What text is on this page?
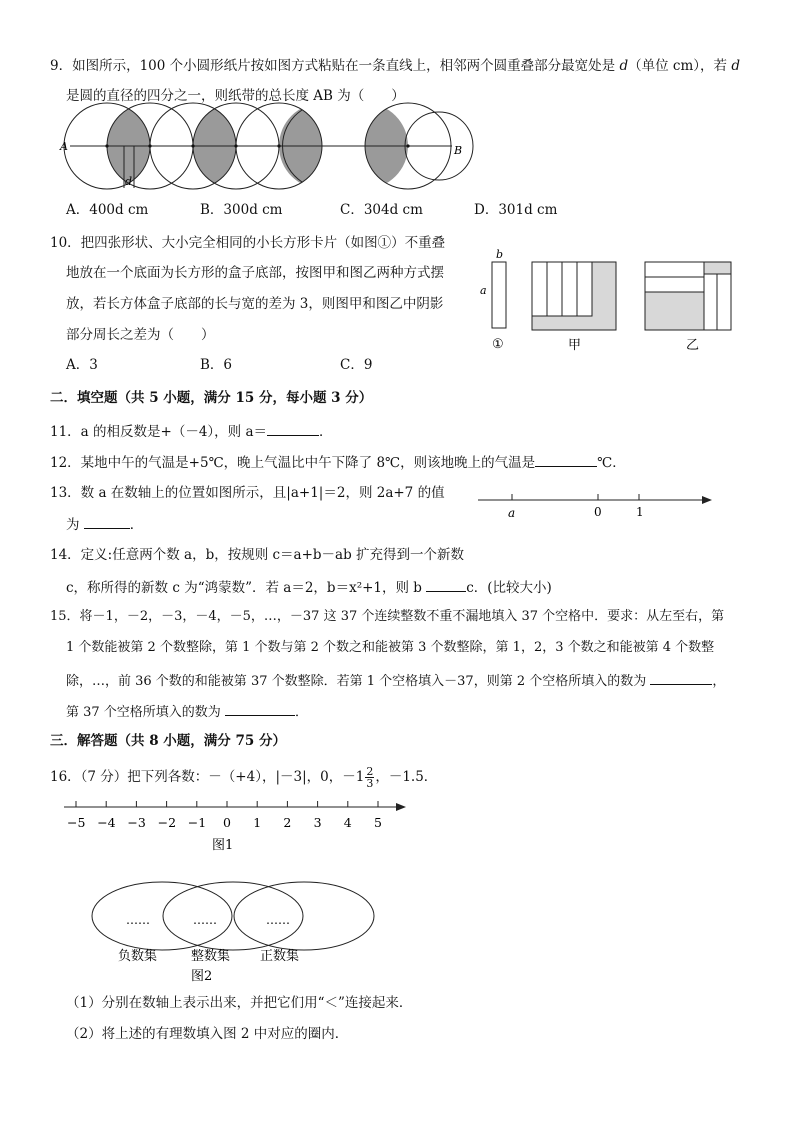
9．如图所示，100 个小圆形纸片按如图方式粘贴在一条直线上，相邻两个圆重叠部分最宽处是 d（单位 cm），若 d
是圆的直径的四分之一，则纸带的总长度 AB 为（　　）
A	B
d
A．400d cm	B．300d cm	C．304d cm	D．301d cm
10．把四张形状、大小完全相同的小长方形卡片（如图①）不重叠
地放在一个底面为长方形的盒子底部，按图甲和图乙两种方式摆
放，若长方体盒子底部的长与宽的差为 3，则图甲和图乙中阴影
部分周长之差为（　　）
A．3	B．6	C．9
b
a
①	甲	乙
二．填空题（共 5 小题，满分 15 分，每小题 3 分）
11．a 的相反数是+（－4），则 a＝	．
12．某地中午的气温是+5℃，晚上气温比中午下降了 8℃，则该地晚上的气温是	℃．
13．数 a 在数轴上的位置如图所示，且|a+1|＝2，则 2a+7 的值
为	．
a	0	1
14．定义:任意两个数 a，b，按规则 c＝a+b－ab 扩充得到一个新数
c，称所得的新数 c 为“鸿蒙数”．若 a＝2，b＝x²+1，则 b	c．(比较大小)
15．将－1，－2，－3，－4，－5，…，－37 这 37 个连续整数不重不漏地填入 37 个空格中．要求：从左至右，第
1 个数能被第 2 个数整除，第 1 个数与第 2 个数之和能被第 3 个数整除，第 1，2，3 个数之和能被第 4 个数整
除，…，前 36 个数的和能被第 37 个数整除．若第 1 个空格填入－37，则第 2 个空格所填入的数为	，
第 37 个空格所填入的数为	．
三．解答题（共 8 小题，满分 75 分）
16．（7 分）把下列各数：－（+4），|－3|，0，$-1 \frac{2}{3}$ ，－1.5．
−5 −4 −3 −2 −1 0 1 2 3 4 5
图1
……	……	……
负数集	整数集 正数集
图2
（1）分别在数轴上表示出来，并把它们用“＜”连接起来．
（2）将上述的有理数填入图 2 中对应的圈内．
